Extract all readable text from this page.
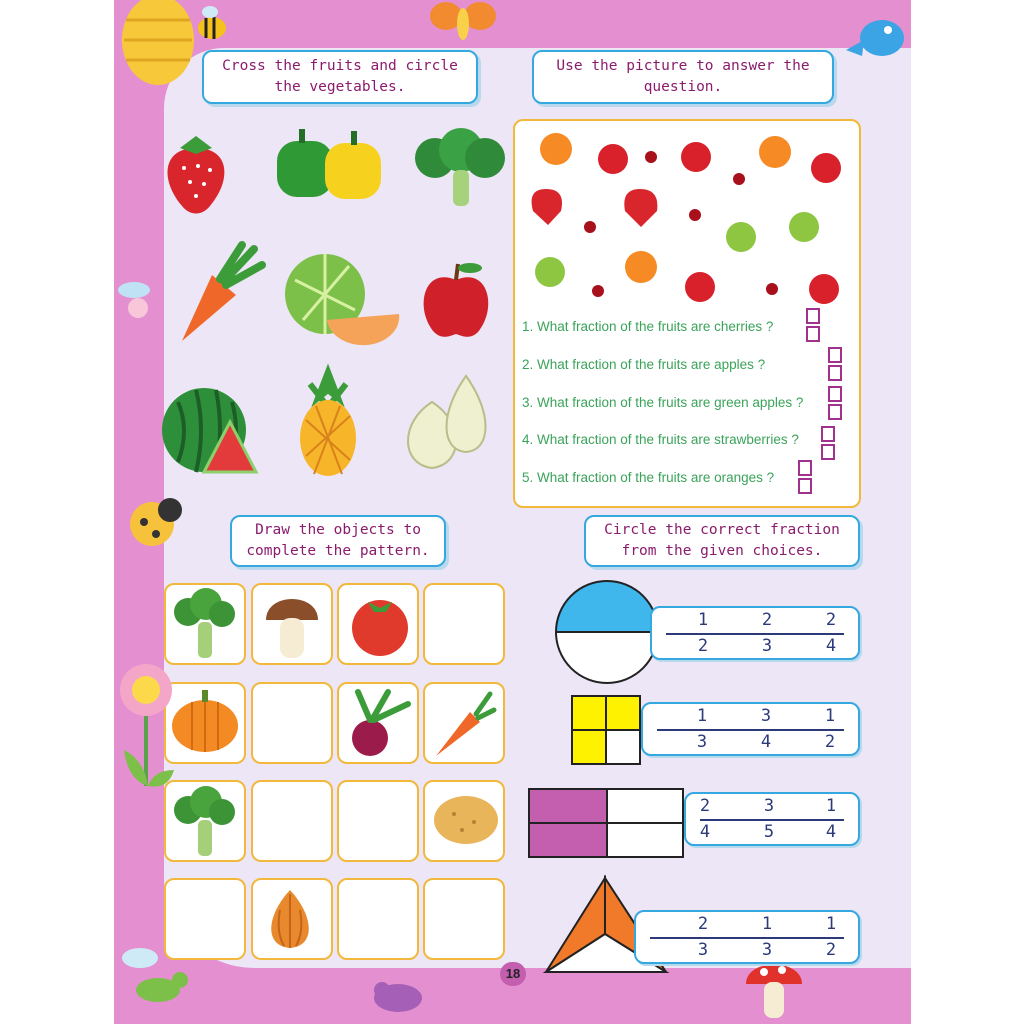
Cross the fruits and circle the vegetables.
Use the picture to answer the question.
Draw the objects to complete the pattern.
Circle the correct fraction from the given choices.
1. What fraction of the fruits are cherries ?
2. What fraction of the fruits are apples ?
3. What fraction of the fruits are green apples ?
4. What fraction of the fruits are strawberries ?
5. What fraction of the fruits are oranges ?
18
1	2	2
2	3	4
1	3	1
3	4	2
2	3	1
4	5	4
2	1	1
3	3	2
